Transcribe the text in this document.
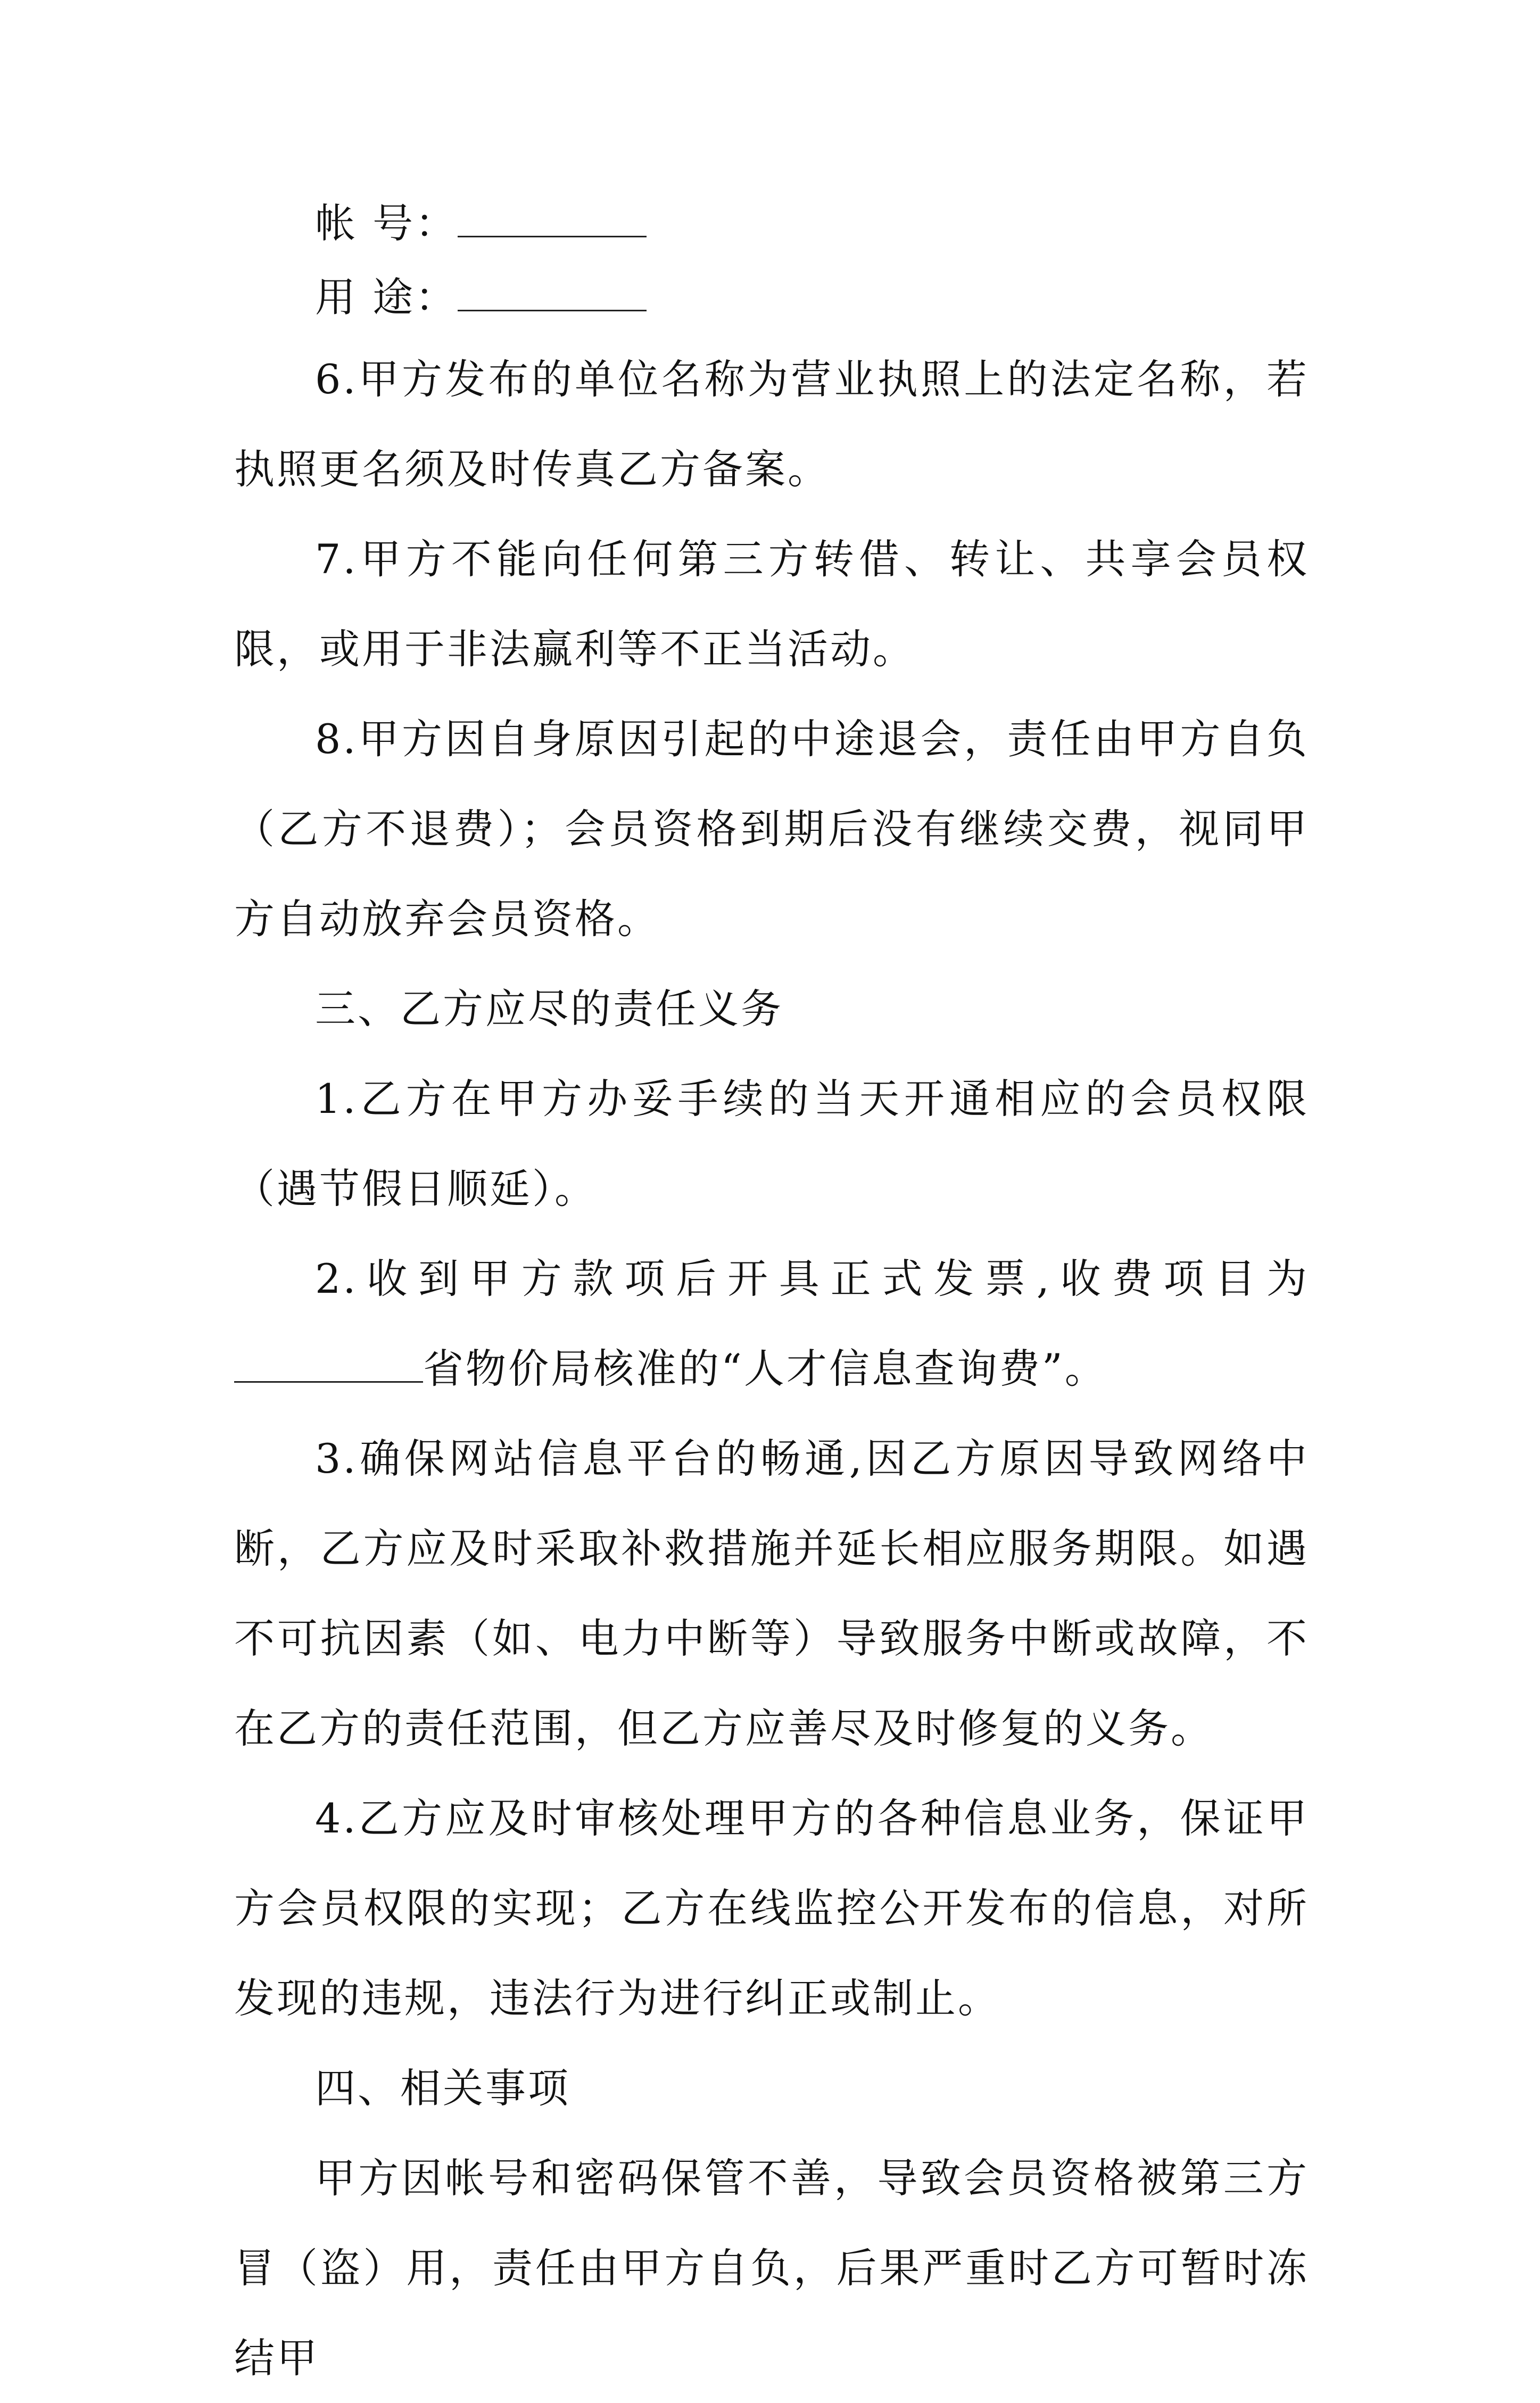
帐 号：
用 途：

6.甲方发布的单位名称为营业执照上的法定名称，若执照更名须及时传真乙方备案。

7.甲方不能向任何第三方转借、转让、共享会员权限，或用于非法赢利等不正当活动。

8.甲方因自身原因引起的中途退会，责任由甲方自负（乙方不退费）；会员资格到期后没有继续交费，视同甲方自动放弃会员资格。

三、乙方应尽的责任义务

1.乙方在甲方办妥手续的当天开通相应的会员权限（遇节假日顺延）。

2.收到甲方款项后开具正式发票,收费项目为省物价局核准的“人才信息查询费”。

3.确保网站信息平台的畅通,因乙方原因导致网络中断，乙方应及时采取补救措施并延长相应服务期限。如遇不可抗因素（如、电力中断等）导致服务中断或故障，不在乙方的责任范围，但乙方应善尽及时修复的义务。

4.乙方应及时审核处理甲方的各种信息业务，保证甲方会员权限的实现；乙方在线监控公开发布的信息，对所发现的违规，违法行为进行纠正或制止。

四、相关事项

甲方因帐号和密码保管不善，导致会员资格被第三方冒（盗）用，责任由甲方自负，后果严重时乙方可暂时冻结甲
